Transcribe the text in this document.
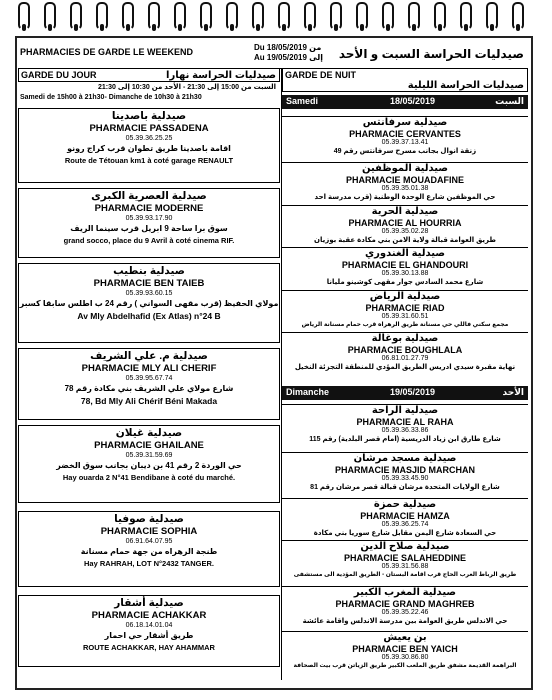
PHARMACIES DE GARDE LE WEEKEND	Du 18/05/2019 من
Au 19/05/2019 إلى صيدليات الحراسة السبت و الأحد
GARDE DU JOUR	صيدليات الحراسة نهارا GARDE DE NUIT
صيدليات الحراسة الليلية
السبت من 15:00 إلى 21:30 - الأحد من 10:30 إلى 21:30
Samedi de 15h00 à 21h30- Dimanche de 10h30 à 21h30
صيدلية باصدينا
PHARMACIE PASSADENA
05.39.36.25.25
اقامة باصدينا طريق تطوان قرب كراج رونو
Route de Tétouan km1 à coté garage RENAULT
صيدلية العصرية الكبرى
PHARMACIE MODERNE
05.39.93.17.90
سوق برا ساحة 9 ابريل قرب سينما الريف
grand socco, place du 9 Avril à coté cinema RIF.
صيدلية بنطيب
PHARMACIE BEN TAIEB
05.39.93.60.15
مولاي الحفيظ (قرب مقهى السواني ) رقم 24 ب اطلس سابقا كسبر
Av Mly Abdelhafid (Ex Atlas) n°24 B
صيدلية م. علي الشريف
PHARMACIE MLY ALI CHERIF
05.39.95.67.74
شارع مولاي علي الشريف بني مكادة رقم 78
78, Bd Mly Ali Chérif Béni Makada
صيدلية غيلان
PHARMACIE GHAILANE
05.39.31.59.69
حي الوردة 2 رقم 41 بن ديبان بجانب سوق الخضر
Hay ouarda 2 N°41 Bendibane à coté du marché.
صيدلية صوفيا
PHARMACIE SOPHIA
06.91.64.07.95
طنجة الرهراه من جهة حمام مسنانة
Hay RAHRAH, LOT N°2432 TANGER.
صيدلية أشقار
PHARMACIE ACHAKKAR
06.18.14.01.04
طريق أشقار حي احمار
ROUTE ACHAKKAR, HAY AHAMMAR
Samedi	18/05/2019	السبت
صيدلية سرفانتس
PHARMACIE CERVANTES
05.39.37.13.41
زنقة انوال بجانب مسرح سرفانتس رقم 49
صيدلية الموظفين
PHARMACIE MOUADAFINE
05.39.35.01.38
حي الموظفين شارع الوحدة الوطنية (قرب مدرسة احد
صيدلية الحرية
PHARMACIE AL HOURRIA
05.39.35.02.28
طريق العوامة قبالة ولاية الامن بني مكادة عقبة بوزيان
صيدلية الغندوري
PHARMACIE EL GHANDOURI
05.39.30.13.88
شارع محمد السادس جوار مقهى كوشينو مليانا
صيدلية الرياض
PHARMACIE RIAD
05.39.31.60.51
مجمع سكني فاللي حي مسنانة طريق الرهراه قرب حمام مسنانة الرياض
صيدلية بوغالة
PHARMACIE BOUGHLALA
06.81.01.27.79
نهاية مقبرة سيدي ادريس الطريق المؤدي للمنطقة التجزئة النخيل
Dimanche	19/05/2019	الأحد
صيدلية الراحة
PHARMACIE AL RAHA
05.39.36.33.86
شارع طارق ابن زياد الدريسية (امام قصر البلدية) رقم 115
صيدلية مسجد مرشان
PHARMACIE MASJID MARCHAN
05.39.33.45.90
شارع الولايات المتحدة مرشان قبالة قصر مرشان رقم 81
صيدلية حمزة
PHARMACIE HAMZA
05.39.36.25.74
حي السعادة شارع اليمن مقابل شارع سوريا بني مكادة
صيدلية صلاح الدين
PHARMACIE SALAHEDDINE
05.39.31.56.88
طريق الرباط العرب الحاج قرب اقامة البستان - الطريق المؤدية الى مستشفى
صيدلية المغرب الكبير
PHARMACIE GRAND MAGHREB
05.39.35.22.46
حي الاندلس طريق العوامة بين مدرسة الاندلس واقامة عائشة
بن يعيش
PHARMACIE BEN YAICH
05.39.30.86.80
البراهمة القديمة مشفق طريق الملعب الكبير طريق الزياتن قرب بيت الصحافة
